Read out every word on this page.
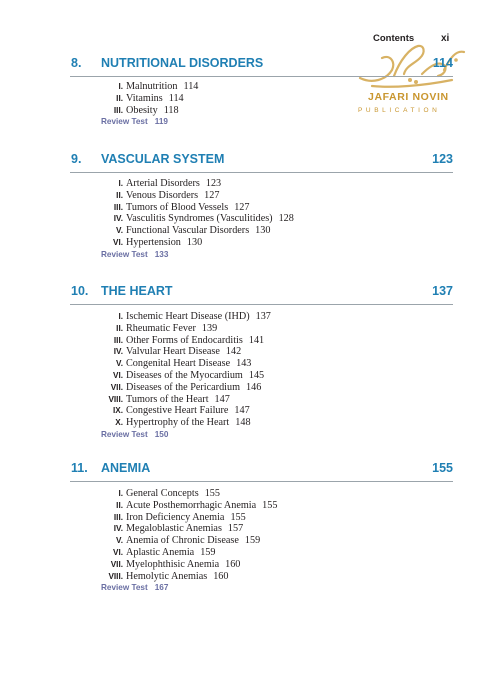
Contents	xi
JAFARI NOVIN
PUBLICATION
8. NUTRITIONAL DISORDERS	114
I. Malnutrition 114
II. Vitamins 114
III. Obesity 118
Review Test 119
9. VASCULAR SYSTEM	123
I. Arterial Disorders 123
II. Venous Disorders 127
III. Tumors of Blood Vessels 127
IV. Vasculitis Syndromes (Vasculitides) 128
V. Functional Vascular Disorders 130
VI. Hypertension 130
Review Test 133
10. THE HEART	137
I. Ischemic Heart Disease (IHD) 137
II. Rheumatic Fever 139
III. Other Forms of Endocarditis 141
IV. Valvular Heart Disease 142
V. Congenital Heart Disease 143
VI. Diseases of the Myocardium 145
VII. Diseases of the Pericardium 146
VIII. Tumors of the Heart 147
IX. Congestive Heart Failure 147
X. Hypertrophy of the Heart 148
Review Test 150
11. ANEMIA	155
I. General Concepts 155
II. Acute Posthemorrhagic Anemia 155
III. Iron Deficiency Anemia 155
IV. Megaloblastic Anemias 157
V. Anemia of Chronic Disease 159
VI. Aplastic Anemia 159
VII. Myelophthisic Anemia 160
VIII. Hemolytic Anemias 160
Review Test 167
